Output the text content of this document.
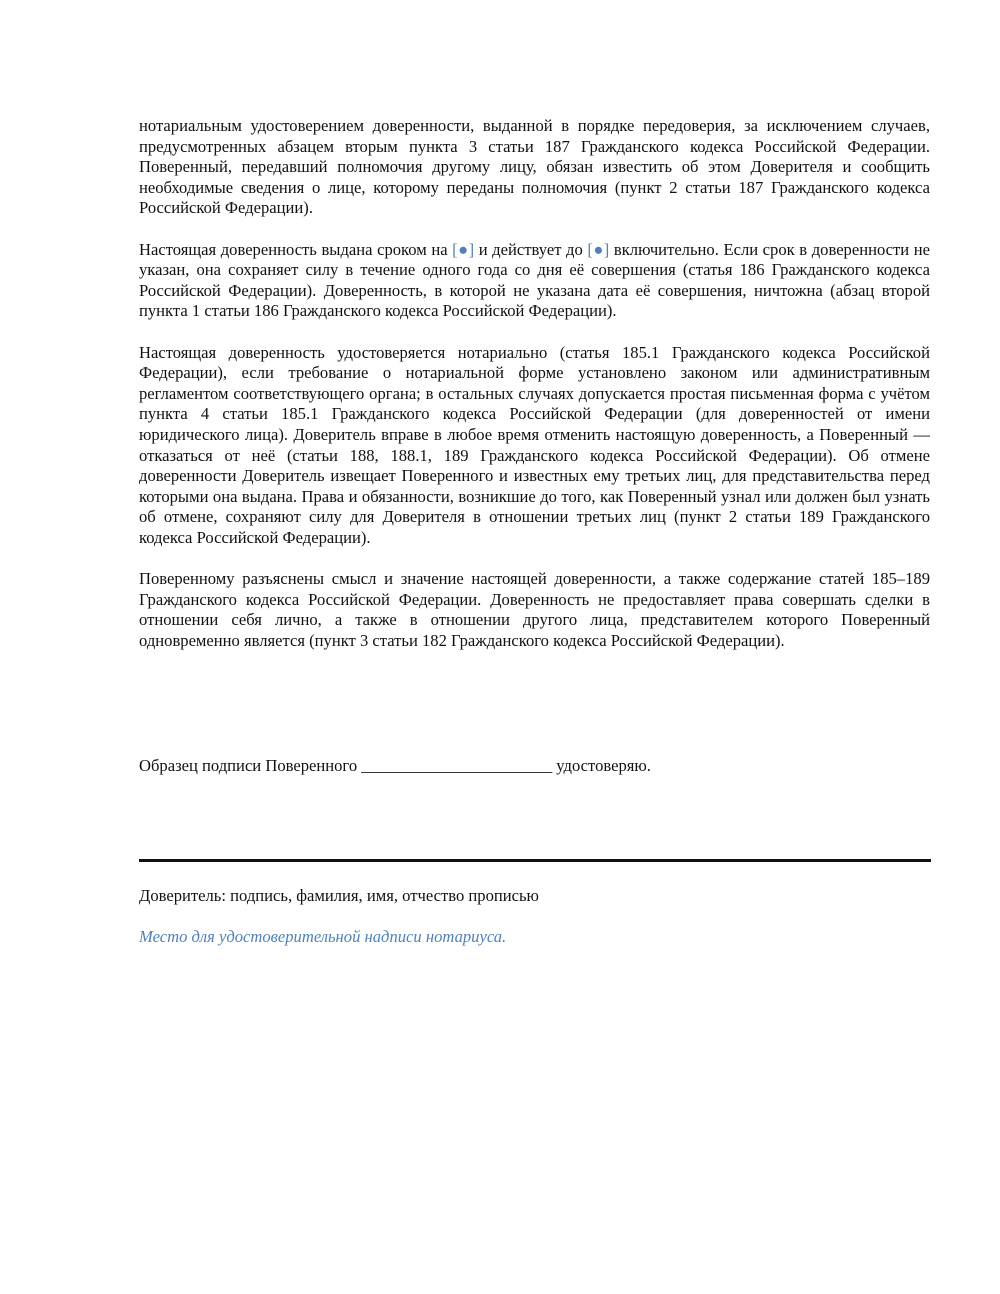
нотариальным удостоверением доверенности, выданной в порядке передоверия, за исключением случаев, предусмотренных абзацем вторым пункта 3 статьи 187 Гражданского кодекса Российской Федерации. Поверенный, передавший полномочия другому лицу, обязан известить об этом Доверителя и сообщить необходимые сведения о лице, которому переданы полномочия (пункт 2 статьи 187 Гражданского кодекса Российской Федерации).

Настоящая доверенность выдана сроком на [●] и действует до [●] включительно. Если срок в доверенности не указан, она сохраняет силу в течение одного года со дня её совершения (статья 186 Гражданского кодекса Российской Федерации). Доверенность, в которой не указана дата её совершения, ничтожна (абзац второй пункта 1 статьи 186 Гражданского кодекса Российской Федерации).

Настоящая доверенность удостоверяется нотариально (статья 185.1 Гражданского кодекса Российской Федерации), если требование о нотариальной форме установлено законом или административным регламентом соответствующего органа; в остальных случаях допускается простая письменная форма с учётом пункта 4 статьи 185.1 Гражданского кодекса Российской Федерации (для доверенностей от имени юридического лица). Доверитель вправе в любое время отменить настоящую доверенность, а Поверенный — отказаться от неё (статьи 188, 188.1, 189 Гражданского кодекса Российской Федерации). Об отмене доверенности Доверитель извещает Поверенного и известных ему третьих лиц, для представительства перед которыми она выдана. Права и обязанности, возникшие до того, как Поверенный узнал или должен был узнать об отмене, сохраняют силу для Доверителя в отношении третьих лиц (пункт 2 статьи 189 Гражданского кодекса Российской Федерации).

Поверенному разъяснены смысл и значение настоящей доверенности, а также содержание статей 185–189 Гражданского кодекса Российской Федерации. Доверенность не предоставляет права совершать сделки в отношении себя лично, а также в отношении другого лица, представителем которого Поверенный одновременно является (пункт 3 статьи 182 Гражданского кодекса Российской Федерации).

Образец подписи Поверенного _______________________ удостоверяю.
Доверитель: подпись, фамилия, имя, отчество прописью
Место для удостоверительной надписи нотариуса.
